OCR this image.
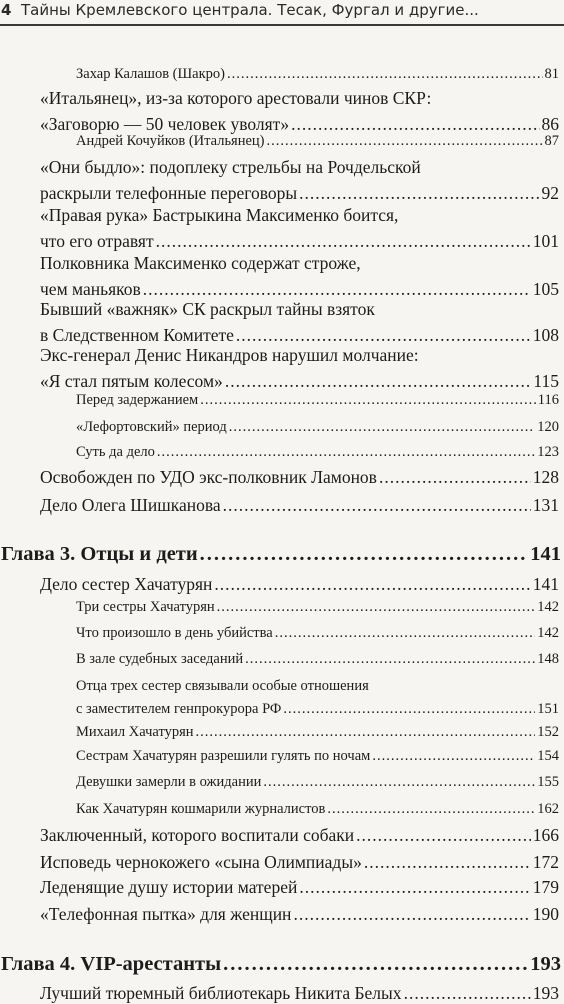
4 Тайны Кремлевского централа. Тесак, Фургал и другие...
Захар Калашов (Шакро) .....	81
«Итальянец», из-за которого арестовали чинов СКР:
«Заговорю — 50 человек уволят» .....	86
Андрей Кочуйков (Итальянец) .....	87
«Они быдло»: подоплеку стрельбы на Рочдельской
раскрыли телефонные переговоры .....	92
«Правая рука» Бастрыкина Максименко боится,
что его отравят .....	101
Полковника Максименко содержат строже,
чем маньяков .....	105
Бывший «важняк» СК раскрыл тайны взяток
в Следственном Комитете .....	108
Экс-генерал Денис Никандров нарушил молчание:
«Я стал пятым колесом» .....	115
Перед задержанием .....	116
«Лефортовский» период .....	120
Суть да дело .....	123
Освобожден по УДО экс-полковник Ламонов .....	128
Дело Олега Шишканова .....	131
Глава 3. Отцы и дети .....	141
Дело сестер Хачатурян .....	141
Три сестры Хачатурян .....	142
Что произошло в день убийства .....	142
В зале судебных заседаний .....	148
Отца трех сестер связывали особые отношения
с заместителем генпрокурора РФ .....	151
Михаил Хачатурян .....	152
Сестрам Хачатурян разрешили гулять по ночам .....	154
Девушки замерли в ожидании .....	155
Как Хачатурян кошмарили журналистов .....	162
Заключенный, которого воспитали собаки .....	166
Исповедь чернокожего «сына Олимпиады» .....	172
Леденящие душу истории матерей .....	179
«Телефонная пытка» для женщин .....	190
Глава 4. VIP-арестанты .....	193
Лучший тюремный библиотекарь Никита Белых .....	193
